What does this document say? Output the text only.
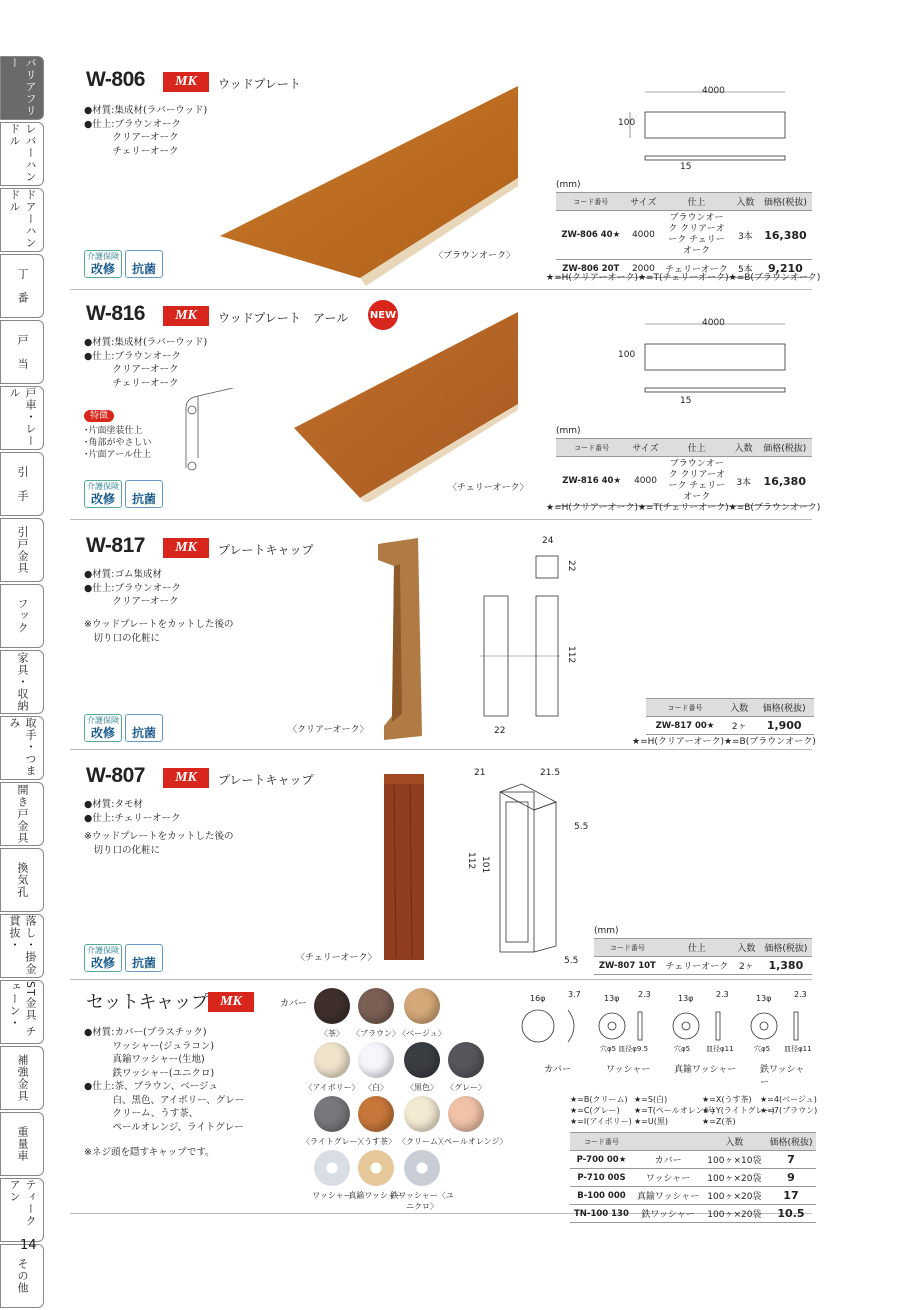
バリアフリー
レバーハンドル
ドアーハンドル
丁　番
戸　当
戸車・レール
引　手
引戸金具
フック
家具・収納
取手・つまみ
開き戸金具
換気孔
落し・掛金 貫抜・
ST金具 チェーン・
補強金具
重量車
ティーク アン
その他
14
W-806	MK	ウッドプレート
●材質:集成材(ラバーウッド)
●仕上:ブラウンオーク
　　　クリアーオーク
　　　チェリーオーク
〈ブラウンオーク〉
介護保険
改修
	抗菌
4000
100
15
(mm)
コード番号	サイズ	仕上	入数	価格(税抜)
ZW-806 40★	4000	ブラウンオーク クリアーオーク チェリーオーク	3本	16,380
ZW-806 20T	2000	チェリーオーク	5本	9,210
★=H(クリアーオーク)★=T(チェリーオーク)★=B(ブラウンオーク)
W-816	MK	ウッドプレート　アール NEW
●材質:集成材(ラバーウッド)
●仕上:ブラウンオーク
　　　クリアーオーク
　　　チェリーオーク
特徴
･片面塗装仕上
･角部がやさしい
･片面アール仕上
〈チェリーオーク〉
介護保険
改修
	抗菌
4000
100
15
(mm)
コード番号	サイズ	仕上	入数	価格(税抜)
ZW-816 40★	4000	ブラウンオーク クリアーオーク チェリーオーク	3本	16,380
★=H(クリアーオーク)★=T(チェリーオーク)★=B(ブラウンオーク)
W-817	MK	プレートキャップ
●材質:ゴム集成材
●仕上:ブラウンオーク
　　　クリアーオーク
※ウッドプレートをカットした後の
　切り口の化粧に
〈クリアーオーク〉
介護保険
改修
	抗菌
24
22
112
22
コード番号	入数	価格(税抜)
ZW-817 00★	2ヶ	1,900
★=H(クリアーオーク)★=B(ブラウンオーク)
W-807	MK	プレートキャップ
●材質:タモ材
●仕上:チェリーオーク
※ウッドプレートをカットした後の
　切り口の化粧に
〈チェリーオーク〉
介護保険
改修
	抗菌
21	21.5
5.5
112 101
5.5
(mm)
コード番号	仕上	入数	価格(税抜)
ZW-807 10T	チェリーオーク	2ヶ	1,380
セットキャップ MK
●材質:カバー(プラスチック)
　　　ワッシャー(ジュラコン)
　　　真鍮ワッシャー(生地)
　　　鉄ワッシャー(ユニクロ)
●仕上:茶、ブラウン、ベージュ
　　　白、黒色、アイボリー、グレー
　　　クリーム、うす茶、
　　　ペールオレンジ、ライトグレー
※ネジ頭を隠すキャップです。
カバー
〈茶〉	〈ブラウン〉
〈ベージュ〉
〈アイボリー〉 〈白〉	〈黒色〉	〈グレー〉
〈ライトグレー〉
〈うす茶〉 〈クリーム〉
〈ペールオレンジ〉
ワッシャー
真鍮ワッシャー
鉄ワッシャー〈ユニクロ〉
16φ	3.7	13φ 2.3	13φ	2.3	13φ	2.3
穴φ5 皿径φ9.5	穴φ5 皿径φ11	穴φ5 皿径φ11
カバー	ワッシャー	真鍮ワッシャー	鉄ワッシャー
★=B(クリーム)
★=C(グレー)
★=I(アイボリー)
★=S(白)
★=T(ペールオレンジ)
★=U(黒)
★=X(うす茶)
★=Y(ライトグレー)
★=Z(茶)
★=4(ベージュ)
★=7(ブラウン)
コード番号		入数	価格(税抜)
P-700 00★	カバー	100ヶ×10袋	7
P-710 00S	ワッシャー	100ヶ×20袋	9
B-100 000	真鍮ワッシャー	100ヶ×20袋	17
TN-100 130	鉄ワッシャー	100ヶ×20袋	10.5
